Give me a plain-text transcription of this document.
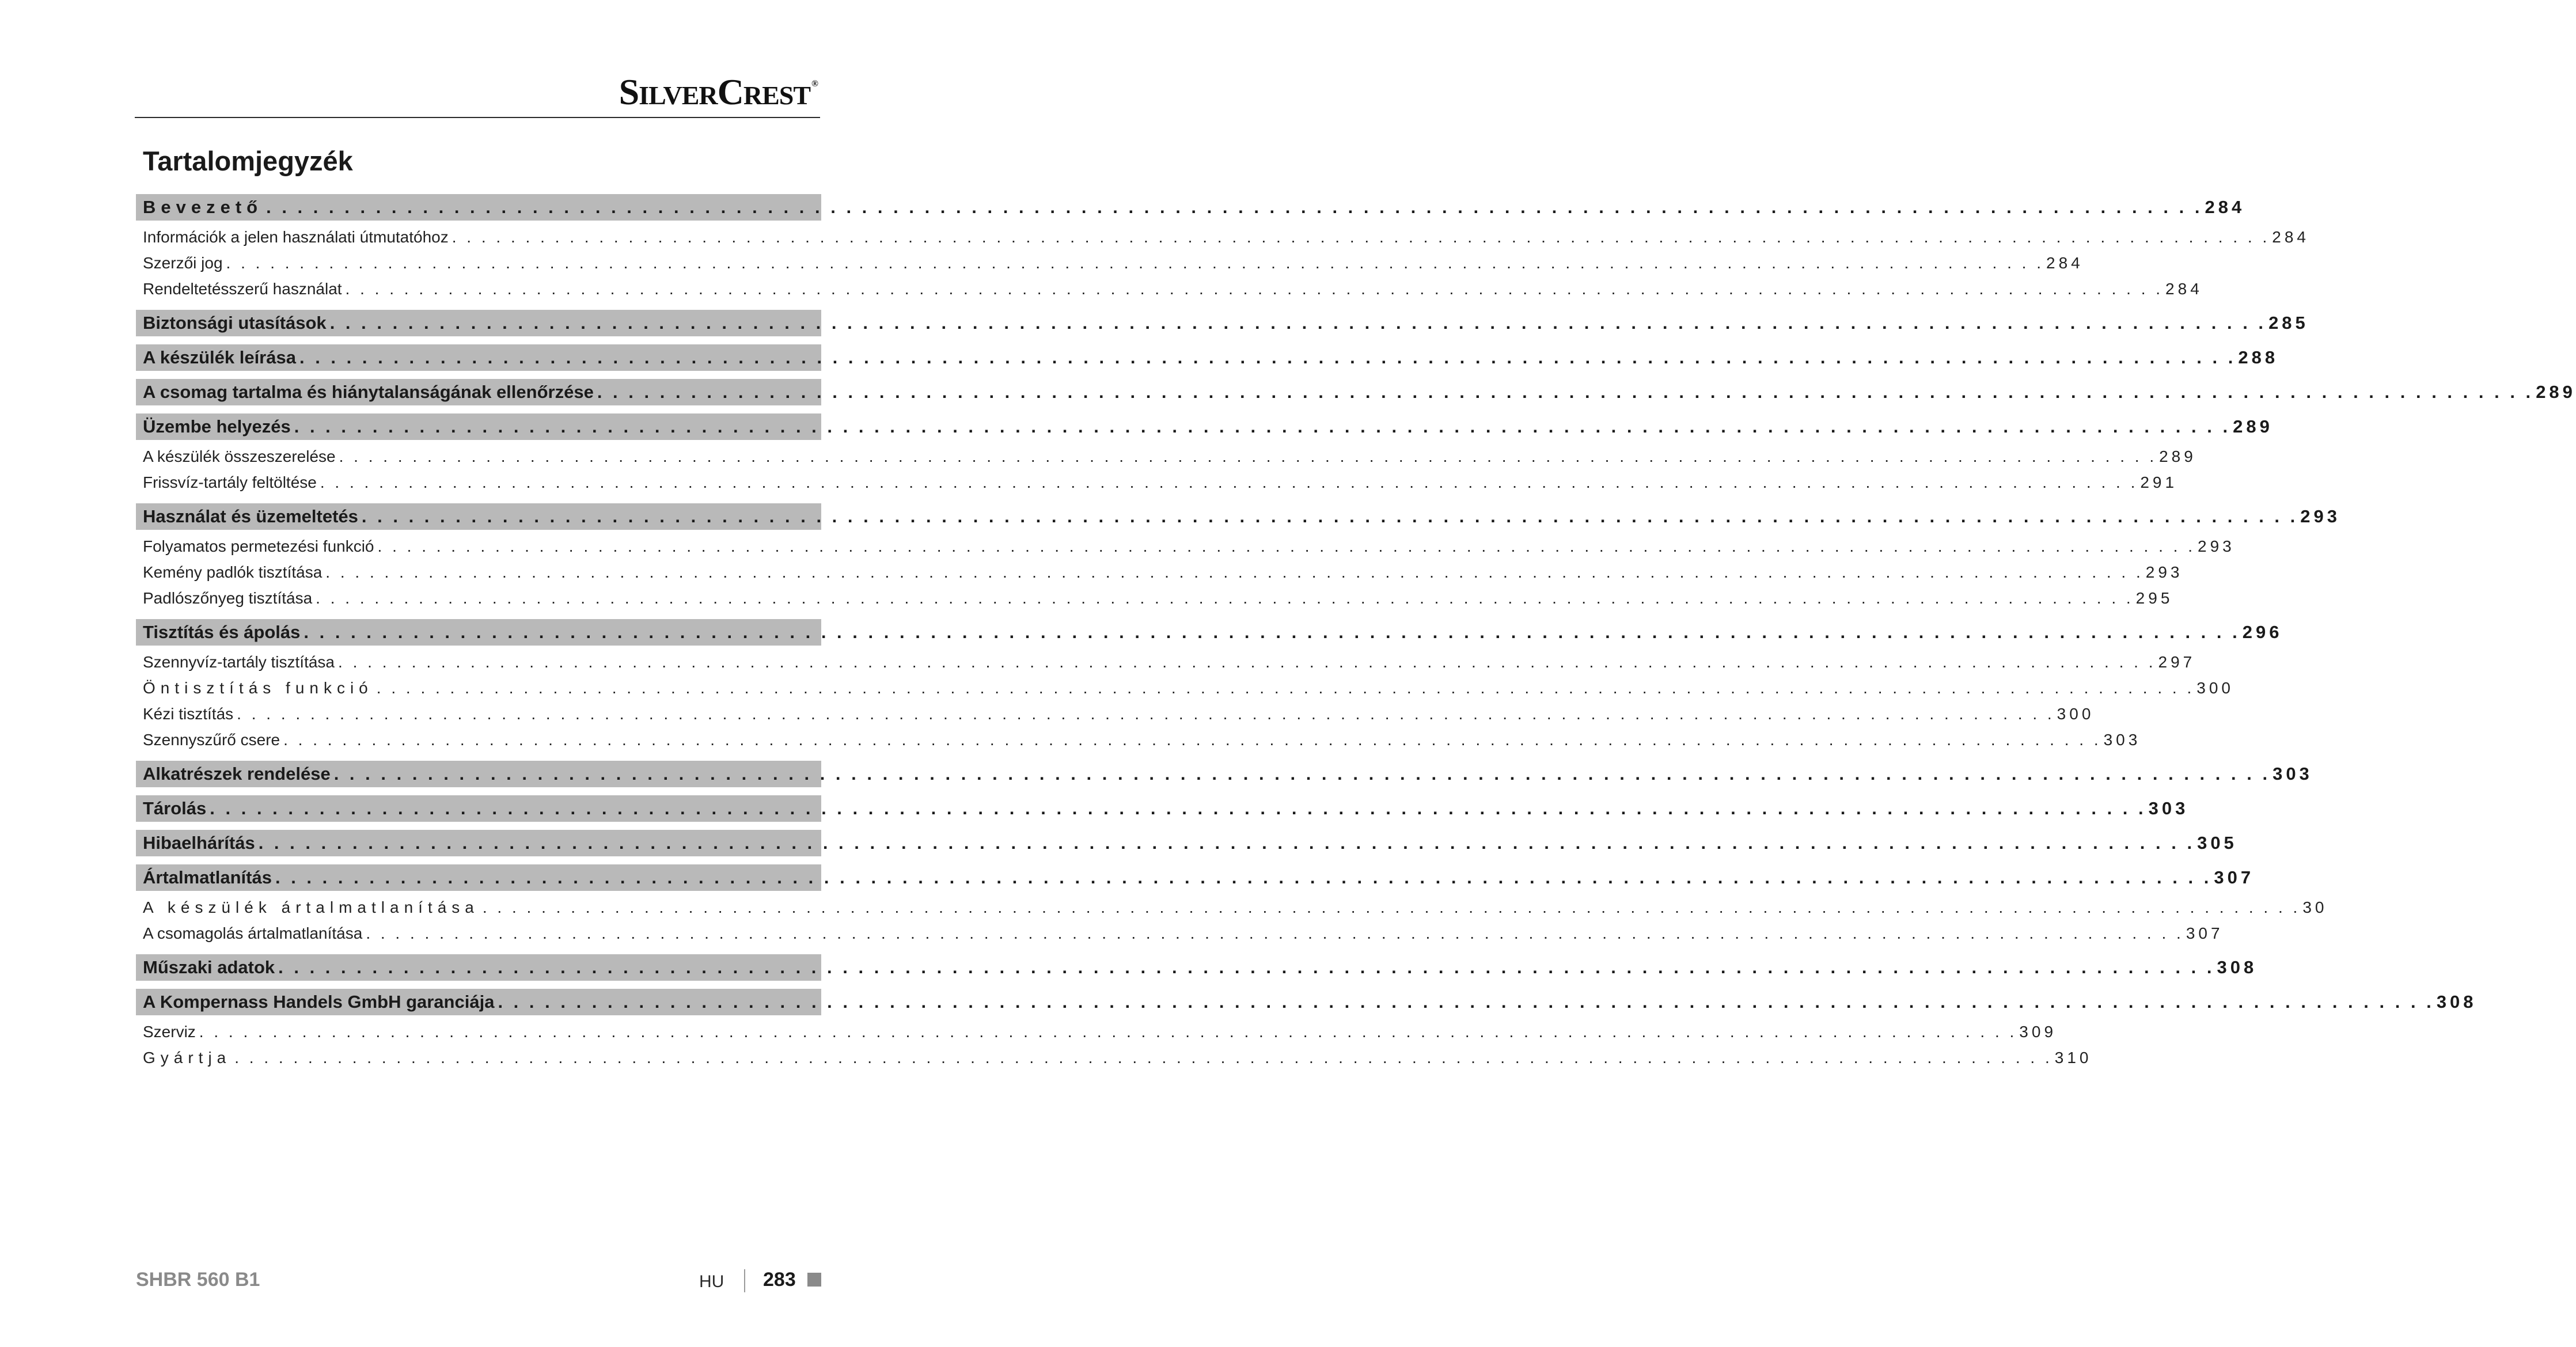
SILVERCREST ®
Tartalomjegyzék
Bevezető . . . . . . . . . . . . . . . . . . . . . . . . . . . . . . . . . . . . . . . . . . . . . . . . . . . . . . . . . . . . . . . . . . . . . . . . . . . . . . . . . . . . . . . . . . . . . . . . . . . . . . . . . . . . . . . . . . . . . . . . . . . . 284
Információk a jelen használati útmutatóhoz . . . . . . . . . . . . . . . . . . . . . . . . . . . . . . . . . . . . . . . . . . . . . . . . . . . . . . . . . . . . . . . . . . . . . . . . . . . . . . . . . . . . . . . . . . . . . . . . . . . . . . . . . . . . . . . . . . . . . . . . . . . . 284
Szerzői jog . . . . . . . . . . . . . . . . . . . . . . . . . . . . . . . . . . . . . . . . . . . . . . . . . . . . . . . . . . . . . . . . . . . . . . . . . . . . . . . . . . . . . . . . . . . . . . . . . . . . . . . . . . . . . . . . . . . . . . . . . . . . 284
Rendeltetésszerű használat . . . . . . . . . . . . . . . . . . . . . . . . . . . . . . . . . . . . . . . . . . . . . . . . . . . . . . . . . . . . . . . . . . . . . . . . . . . . . . . . . . . . . . . . . . . . . . . . . . . . . . . . . . . . . . . . . . . . . . . . . . . . 284
Biztonsági utasítások . . . . . . . . . . . . . . . . . . . . . . . . . . . . . . . . . . . . . . . . . . . . . . . . . . . . . . . . . . . . . . . . . . . . . . . . . . . . . . . . . . . . . . . . . . . . . . . . . . . . . . . . . . . . . . . . . . . . . . . . . . . . 285
A készülék leírása . . . . . . . . . . . . . . . . . . . . . . . . . . . . . . . . . . . . . . . . . . . . . . . . . . . . . . . . . . . . . . . . . . . . . . . . . . . . . . . . . . . . . . . . . . . . . . . . . . . . . . . . . . . . . . . . . . . . . . . . . . . . 288
A csomag tartalma és hiánytalanságának ellenőrzése . . . . . . . . . . . . . . . . . . . . . . . . . . . . . . . . . . . . . . . . . . . . . . . . . . . . . . . . . . . . . . . . . . . . . . . . . . . . . . . . . . . . . . . . . . . . . . . . . . . . . . . . . . . . . . . . . . . . . . . . . . . . 289
Üzembe helyezés . . . . . . . . . . . . . . . . . . . . . . . . . . . . . . . . . . . . . . . . . . . . . . . . . . . . . . . . . . . . . . . . . . . . . . . . . . . . . . . . . . . . . . . . . . . . . . . . . . . . . . . . . . . . . . . . . . . . . . . . . . . . 289
A készülék összeszerelése . . . . . . . . . . . . . . . . . . . . . . . . . . . . . . . . . . . . . . . . . . . . . . . . . . . . . . . . . . . . . . . . . . . . . . . . . . . . . . . . . . . . . . . . . . . . . . . . . . . . . . . . . . . . . . . . . . . . . . . . . . . . 289
Frissvíz-tartály feltöltése . . . . . . . . . . . . . . . . . . . . . . . . . . . . . . . . . . . . . . . . . . . . . . . . . . . . . . . . . . . . . . . . . . . . . . . . . . . . . . . . . . . . . . . . . . . . . . . . . . . . . . . . . . . . . . . . . . . . . . . . . . . . 291
Használat és üzemeltetés . . . . . . . . . . . . . . . . . . . . . . . . . . . . . . . . . . . . . . . . . . . . . . . . . . . . . . . . . . . . . . . . . . . . . . . . . . . . . . . . . . . . . . . . . . . . . . . . . . . . . . . . . . . . . . . . . . . . . . . . . . . . 293
Folyamatos permetezési funkció . . . . . . . . . . . . . . . . . . . . . . . . . . . . . . . . . . . . . . . . . . . . . . . . . . . . . . . . . . . . . . . . . . . . . . . . . . . . . . . . . . . . . . . . . . . . . . . . . . . . . . . . . . . . . . . . . . . . . . . . . . . . 293
Kemény padlók tisztítása . . . . . . . . . . . . . . . . . . . . . . . . . . . . . . . . . . . . . . . . . . . . . . . . . . . . . . . . . . . . . . . . . . . . . . . . . . . . . . . . . . . . . . . . . . . . . . . . . . . . . . . . . . . . . . . . . . . . . . . . . . . . 293
Padlószőnyeg tisztítása . . . . . . . . . . . . . . . . . . . . . . . . . . . . . . . . . . . . . . . . . . . . . . . . . . . . . . . . . . . . . . . . . . . . . . . . . . . . . . . . . . . . . . . . . . . . . . . . . . . . . . . . . . . . . . . . . . . . . . . . . . . . 295
Tisztítás és ápolás . . . . . . . . . . . . . . . . . . . . . . . . . . . . . . . . . . . . . . . . . . . . . . . . . . . . . . . . . . . . . . . . . . . . . . . . . . . . . . . . . . . . . . . . . . . . . . . . . . . . . . . . . . . . . . . . . . . . . . . . . . . . 296
Szennyvíz-tartály tisztítása . . . . . . . . . . . . . . . . . . . . . . . . . . . . . . . . . . . . . . . . . . . . . . . . . . . . . . . . . . . . . . . . . . . . . . . . . . . . . . . . . . . . . . . . . . . . . . . . . . . . . . . . . . . . . . . . . . . . . . . . . . . . 297
Öntisztítás funkció . . . . . . . . . . . . . . . . . . . . . . . . . . . . . . . . . . . . . . . . . . . . . . . . . . . . . . . . . . . . . . . . . . . . . . . . . . . . . . . . . . . . . . . . . . . . . . . . . . . . . . . . . . . . . . . . . . . . . . . . . . . . 300
Kézi tisztítás . . . . . . . . . . . . . . . . . . . . . . . . . . . . . . . . . . . . . . . . . . . . . . . . . . . . . . . . . . . . . . . . . . . . . . . . . . . . . . . . . . . . . . . . . . . . . . . . . . . . . . . . . . . . . . . . . . . . . . . . . . . . 300
Szennyszűrő csere . . . . . . . . . . . . . . . . . . . . . . . . . . . . . . . . . . . . . . . . . . . . . . . . . . . . . . . . . . . . . . . . . . . . . . . . . . . . . . . . . . . . . . . . . . . . . . . . . . . . . . . . . . . . . . . . . . . . . . . . . . . . 303
Alkatrészek rendelése . . . . . . . . . . . . . . . . . . . . . . . . . . . . . . . . . . . . . . . . . . . . . . . . . . . . . . . . . . . . . . . . . . . . . . . . . . . . . . . . . . . . . . . . . . . . . . . . . . . . . . . . . . . . . . . . . . . . . . . . . . . . 303
Tárolás . . . . . . . . . . . . . . . . . . . . . . . . . . . . . . . . . . . . . . . . . . . . . . . . . . . . . . . . . . . . . . . . . . . . . . . . . . . . . . . . . . . . . . . . . . . . . . . . . . . . . . . . . . . . . . . . . . . . . . . . . . . . 303
Hibaelhárítás . . . . . . . . . . . . . . . . . . . . . . . . . . . . . . . . . . . . . . . . . . . . . . . . . . . . . . . . . . . . . . . . . . . . . . . . . . . . . . . . . . . . . . . . . . . . . . . . . . . . . . . . . . . . . . . . . . . . . . . . . . . . 305
Ártalmatlanítás . . . . . . . . . . . . . . . . . . . . . . . . . . . . . . . . . . . . . . . . . . . . . . . . . . . . . . . . . . . . . . . . . . . . . . . . . . . . . . . . . . . . . . . . . . . . . . . . . . . . . . . . . . . . . . . . . . . . . . . . . . . . 307
A készülék ártalmatlanítása . . . . . . . . . . . . . . . . . . . . . . . . . . . . . . . . . . . . . . . . . . . . . . . . . . . . . . . . . . . . . . . . . . . . . . . . . . . . . . . . . . . . . . . . . . . . . . . . . . . . . . . . . . . . . . . . . . . . . . . . . . . . 30
A csomagolás ártalmatlanítása . . . . . . . . . . . . . . . . . . . . . . . . . . . . . . . . . . . . . . . . . . . . . . . . . . . . . . . . . . . . . . . . . . . . . . . . . . . . . . . . . . . . . . . . . . . . . . . . . . . . . . . . . . . . . . . . . . . . . . . . . . . . 307
Műszaki adatok . . . . . . . . . . . . . . . . . . . . . . . . . . . . . . . . . . . . . . . . . . . . . . . . . . . . . . . . . . . . . . . . . . . . . . . . . . . . . . . . . . . . . . . . . . . . . . . . . . . . . . . . . . . . . . . . . . . . . . . . . . . . 308
A Kompernass Handels GmbH garanciája . . . . . . . . . . . . . . . . . . . . . . . . . . . . . . . . . . . . . . . . . . . . . . . . . . . . . . . . . . . . . . . . . . . . . . . . . . . . . . . . . . . . . . . . . . . . . . . . . . . . . . . . . . . . . . . . . . . . . . . . . . . . 308
Szerviz . . . . . . . . . . . . . . . . . . . . . . . . . . . . . . . . . . . . . . . . . . . . . . . . . . . . . . . . . . . . . . . . . . . . . . . . . . . . . . . . . . . . . . . . . . . . . . . . . . . . . . . . . . . . . . . . . . . . . . . . . . . . 309
Gyártja . . . . . . . . . . . . . . . . . . . . . . . . . . . . . . . . . . . . . . . . . . . . . . . . . . . . . . . . . . . . . . . . . . . . . . . . . . . . . . . . . . . . . . . . . . . . . . . . . . . . . . . . . . . . . . . . . . . . . . . . . . . . 310
SHBR 560 B1	HU 283
